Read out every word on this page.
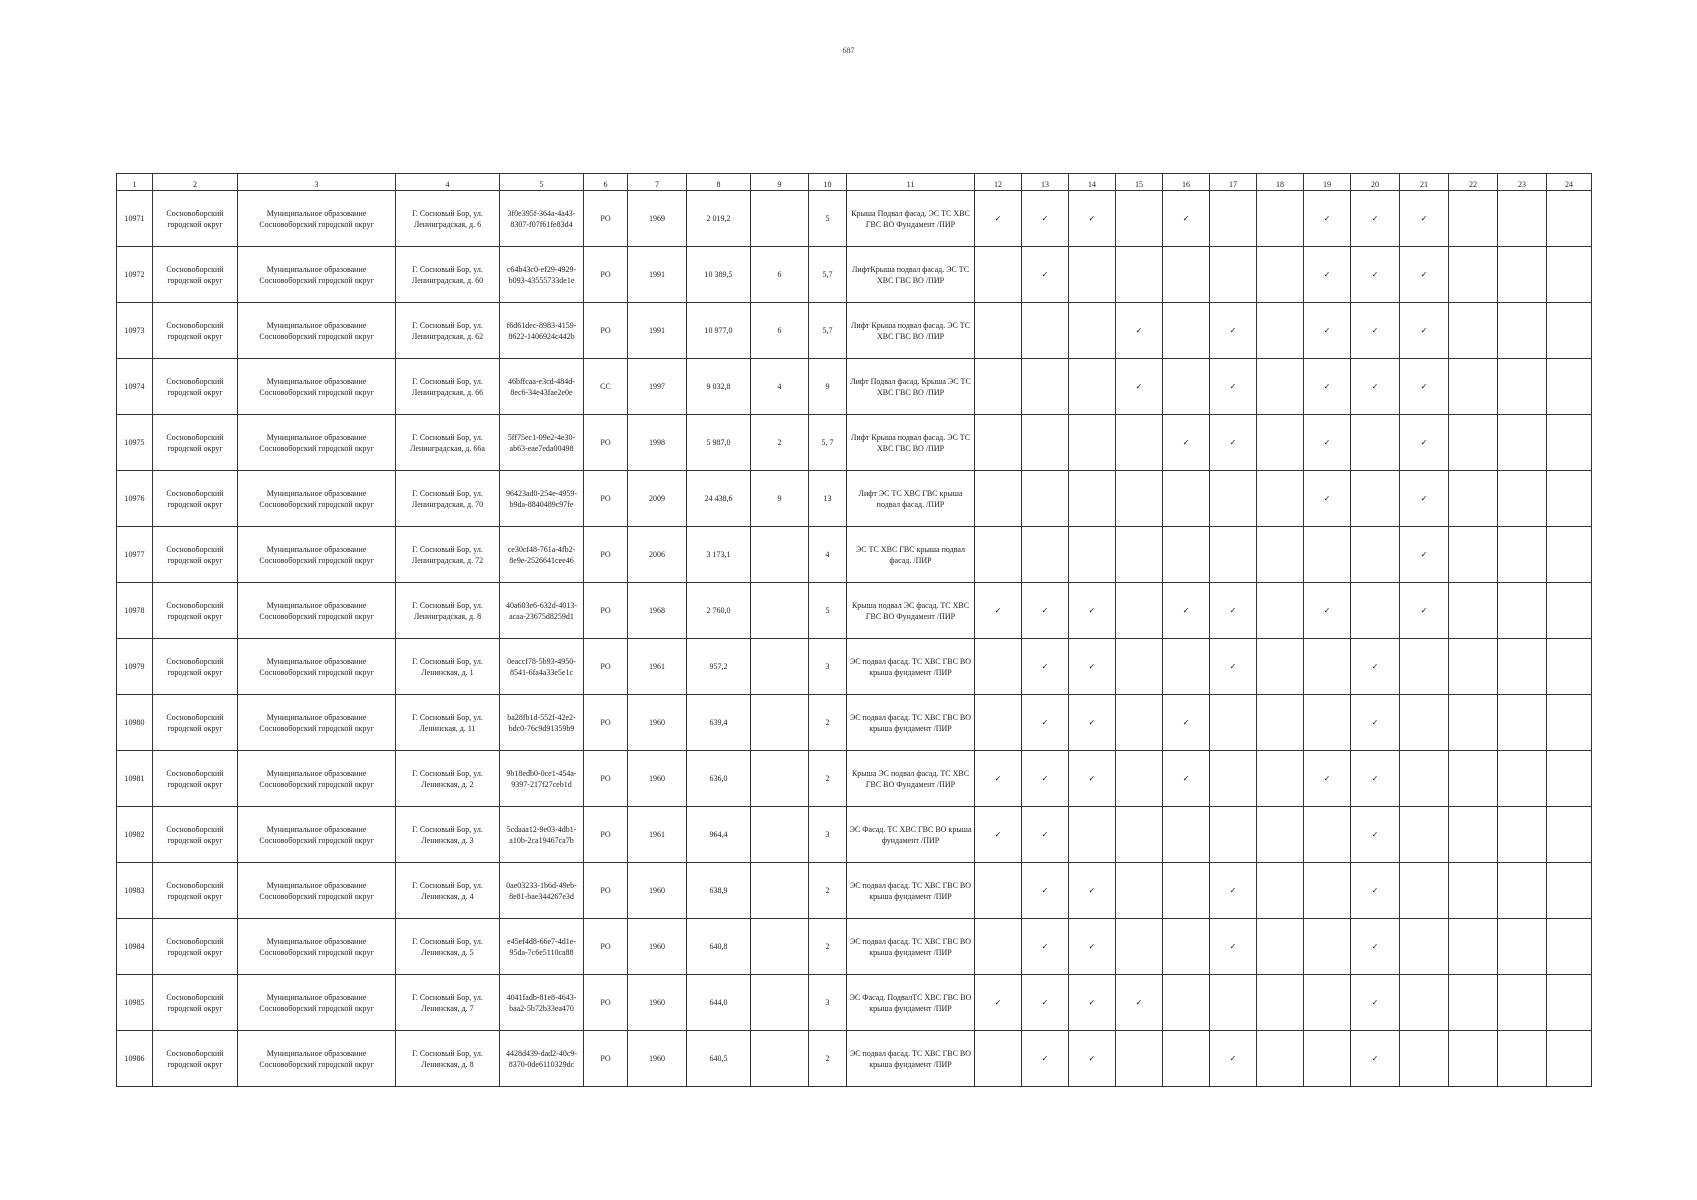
687
1	2	3	4	5	6	7	8	9	10	11	12	13	14	15	16	17	18	19	20	21	22	23	24
10971	Сосновоборский городской округ	Муниципальное образование Сосновоборский городской округ	Г. Сосновый Бор, ул. Ленинградская, д. 6	3f0e395f-364a-4a43-8307-f07f61fe83d4	РО	1969	2 019,2		5	Крыша Подвал фасад. ЭС ТС ХВС ГВС ВО Фундамент /ПИР	✓	✓	✓		✓			✓	✓	✓			
10972	Сосновоборский городской округ	Муниципальное образование Сосновоборский городской округ	Г. Сосновый Бор, ул. Ленинградская, д. 60	c64b43c0-ef29-4929-b093-43555733de1e	РО	1991	10 389,5	6	5,7	ЛифтКрыша подвал фасад. ЭС ТС ХВС ГВС ВО /ПИР		✓						✓	✓	✓			
10973	Сосновоборский городской округ	Муниципальное образование Сосновоборский городской округ	Г. Сосновый Бор, ул. Ленинградская, д. 62	f6d61dec-8983-4159-8622-1406924c442b	РО	1991	10 977,0	6	5,7	Лифт Крыша подвал фасад. ЭС ТС ХВС ГВС ВО /ПИР				✓		✓		✓	✓	✓			
10974	Сосновоборский городской округ	Муниципальное образование Сосновоборский городской округ	Г. Сосновый Бор, ул. Ленинградская, д. 66	46bffcaa-e3cd-484d-8ec6-34e43fae2e0e	СС	1997	9 032,8	4	9	Лифт Подвал фасад. Крыша ЭС ТС ХВС ГВС ВО /ПИР				✓		✓		✓	✓	✓			
10975	Сосновоборский городской округ	Муниципальное образование Сосновоборский городской округ	Г. Сосновый Бор, ул. Ленинградская, д. 66а	5ff75ec1-09e2-4e30-ab63-eae7eda00498	РО	1998	5 987,0	2	5, 7	Лифт Крыша подвал фасад. ЭС ТС ХВС ГВС ВО /ПИР					✓	✓		✓		✓			
10976	Сосновоборский городской округ	Муниципальное образование Сосновоборский городской округ	Г. Сосновый Бор, ул. Ленинградская, д. 70	96423ad0-254e-4959-b9da-8840489c97fe	РО	2009	24 438,6	9	13	Лифт ЭС ТС ХВС ГВС крыша подвал фасад. /ПИР								✓		✓			
10977	Сосновоборский городской округ	Муниципальное образование Сосновоборский городской округ	Г. Сосновый Бор, ул. Ленинградская, д. 72	ce30cf48-761a-4fb2-8e9e-2526641cee46	РО	2006	3 173,1		4	ЭС ТС ХВС ГВС крыша подвал фасад. /ПИР										✓			
10978	Сосновоборский городской округ	Муниципальное образование Сосновоборский городской округ	Г. Сосновый Бор, ул. Ленинградская, д. 8	40a603e6-632d-4013-acaa-23675d8259d1	РО	1968	2 760,0		5	Крыша подвал ЭС фасад. ТС ХВС ГВС ВО Фундамент /ПИР	✓	✓	✓		✓	✓		✓		✓			
10979	Сосновоборский городской округ	Муниципальное образование Сосновоборский городской округ	Г. Сосновый Бор, ул. Ленинская, д. 1	0eaccf78-5b93-4950-8541-6fa4a33e5e1c	РО	1961	957,2		3	ЭС подвал фасад. ТС ХВС ГВС ВО крыша фундамент /ПИР		✓	✓			✓			✓				
10980	Сосновоборский городской округ	Муниципальное образование Сосновоборский городской округ	Г. Сосновый Бор, ул. Ленинская, д. 11	ba28fb1d-552f-42e2-bdc0-76c9d91359b9	РО	1960	639,4		2	ЭС подвал фасад. ТС ХВС ГВС ВО крыша фундамент /ПИР		✓	✓		✓				✓				
10981	Сосновоборский городской округ	Муниципальное образование Сосновоборский городской округ	Г. Сосновый Бор, ул. Ленинская, д. 2	9b18edb0-0ce1-454a-9397-217f27ceb1d	РО	1960	636,0		2	Крыша ЭС подвал фасад. ТС ХВС ГВС ВО Фундамент /ПИР	✓	✓	✓		✓			✓	✓				
10982	Сосновоборский городской округ	Муниципальное образование Сосновоборский городской округ	Г. Сосновый Бор, ул. Ленинская, д. 3	5cdaaa12-9e03-4db1-a10b-2ca19467ca7b	РО	1961	964,4		3	ЭС Фасад. ТС ХВС ГВС ВО крыша фундамент /ПИР	✓	✓							✓				
10983	Сосновоборский городской округ	Муниципальное образование Сосновоборский городской округ	Г. Сосновый Бор, ул. Ленинская, д. 4	0ae03233-1b6d-49eb-8e81-bae344267e3d	РО	1960	638,9		2	ЭС подвал фасад. ТС ХВС ГВС ВО крыша фундамент /ПИР		✓	✓			✓			✓				
10984	Сосновоборский городской округ	Муниципальное образование Сосновоборский городской округ	Г. Сосновый Бор, ул. Ленинская, д. 5	e45ef4d8-66e7-4d1e-95da-7c6e5110ca88	РО	1960	640,8		2	ЭС подвал фасад. ТС ХВС ГВС ВО крыша фундамент /ПИР		✓	✓			✓			✓				
10985	Сосновоборский городской округ	Муниципальное образование Сосновоборский городской округ	Г. Сосновый Бор, ул. Ленинская, д. 7	4041fadb-81e8-4643-baa2-5b72b33ea470	РО	1960	644,0		3	ЭС Фасад. ПодвалТС ХВС ГВС ВО крыша фундамент /ПИР	✓	✓	✓	✓					✓				
10986	Сосновоборский городской округ	Муниципальное образование Сосновоборский городской округ	Г. Сосновый Бор, ул. Ленинская, д. 8	4428d439-dad2-40c9-8370-0de6110329dc	РО	1960	640,5		2	ЭС подвал фасад. ТС ХВС ГВС ВО крыша фундамент /ПИР		✓	✓			✓			✓				
